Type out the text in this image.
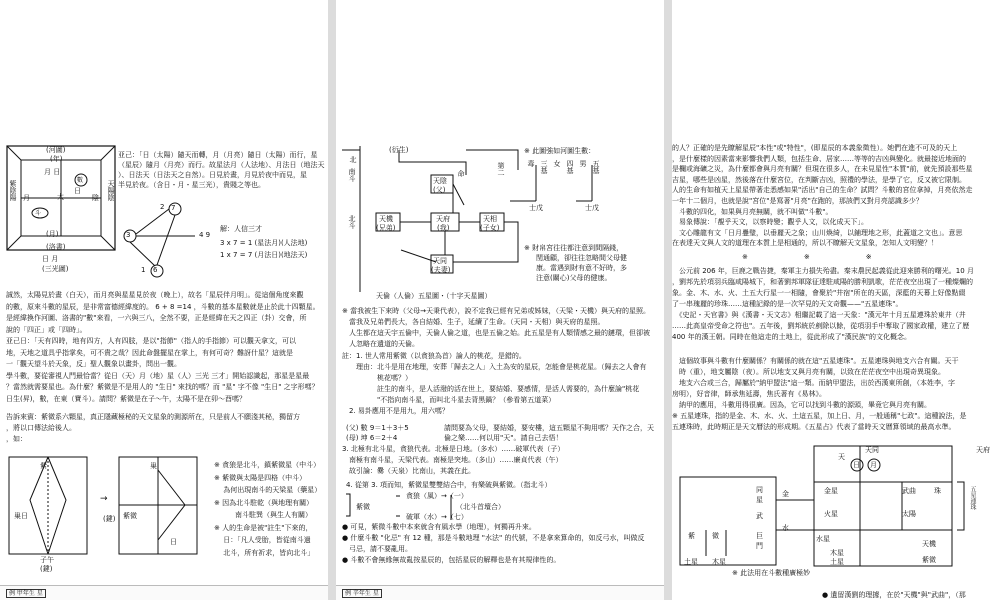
(河圖)
(年)
月 日
數
日
斗
太
紫陰陽
天陽陰
月	陰
(月)
(洛書)
日 月
(三光圖)
亚己：「日（太陽）隨天而轉，月（月亮）隨日（太陽）而行，星
（星辰）隨月（月亮）而行。故星法月（人法地）、月法日（地法天
）、日法天（日法天之自然）。日見於晝，月見於夜中而見，星
半見於夜。（含日・月・星三光），貴賤之等也。
7
2
3	4 9
6
1
解：人信三才
3 x 7 = 1 (星法月)(人法地)
1 x 7 = 7 (月法日)(地法天)
誠然，太陽見於晝（白天），而月亮與星星見於夜（晚上），故名「星辰伴月明」。從這個角度來觀
的數，原來斗數的星辰，是非常富德經緯度的。 6 + 8 =14 ，斗數的基本星數就是止於此十四顆星。
是經緯換作河圖、洛書的"數"來看，一六與三八，全然不要，正是經緯在天之四正（卦）交會，所
說的「四正」或「四時」。
亚己日：「天有四時，地有四方，人有四肢，是以"指節"（指人的手指節）可以觀天拿文，可以
地，天地之道具乎指掌矣，可不貴之哉？因此命盤擺星在掌上，有何可奇？難訝什星？這就是
一「觀天望斗於天象，反」聖人觀象以畫卦，問出一觀。
學斗數，要從審視人門最恰當？從日（天）月（地）星（人）三光 三才」開始認識起，那星是星最
？當然就需要星也。為什麼？紫微是不是用人的 "生日" 來找的嗎？而 "星" 字不像 "生日" 之字形嗎？
日生(昇)，數，在東（寶斗）。請問？紫微是在子～午，太陽不是在卯～酉嗎？
告訴來賓：紫微系六顆星，真正隱藏極秘的天文星象的測源所在，只是前人不願淺其秘，獨留方
，將以口傳法給後人。
，如：
紫
巢日
子午
(鍵)
→
(鍵)
巢
紫微
日
※ 貪狼是北斗，鎮紫微星（中斗）
※ 紫微與太陽是四格（中斗）
　 為何出現南斗的天梁星（藥星）
※ 因為北斗駐乾（與地理有關）
　　　南斗駐巽（與生人有關）
※ 人的生命是被"註生"下來的，
　 日：「凡人受胎，皆從南斗過
　 北斗，所有祈求，皆向北斗」
例 甲年生 星
(衍生)
北
南斗
北斗
天陰
(父)
天府
(我)
天機
(兄弟)
天相
(子女)
天同
(夫妻)
命
第二
天倫（人倫）五星圖・（十字天星圖）
※ 此圖強如河圖生數：
毒 三基 女 四基 男 五基
士戊	士戊
※ 財帛宮往往都注意到間隔錢，
閏通顧，卻往往忽略間父母健
康。當遇到財有意不好時，多
注意(關心)父母的健康。
※ 當我被生下來時（父母→天秉代表），說不定我已經有兄弟或姊妹，（天梁・天機）與天府的星照。
　當我及兄弟們長大，各自結婚、生子，延續了生命。（天同・天相）與天府的星照。
　人生都在這天宇五倫中，天倫人倫之道，也是五倫之始。此五星是有人類情感之最的鏈環，但卻被
　人忽略在遺道的天倫。
註：1. 世人常用紫微（以貪狼為首）論人的桃花，是錯的。
　　理由：北斗是用在地理，安葬「歸去之人」入土為安的星辰，怎能會是桃花星。（歸去之人會有
　　　　　桃花嗎？）
　　　　　註生的南斗，是人活潑的活在世上，要結婚、要感情，是活人需要的，為什麼論"桃花
　　　　　"不指向南斗星，而叫北斗星去背黑鍋？（參看第五道菜）
　2. 易卦應用不是用九，用六嗎？
(父) 數 9＝1＋3＋5
(母) 坤 6＝2＋4
請問要為父母，要結婚，要安樓，這五顆星不夠用嗎？天作之合，天
倫之樂……何以用"天"。請自己去悟！
3. 北極有北斗星，貪狼代表。北極是日地。（多水）……破軍代表（子）
　南極有南斗星，天梁代表。南極是突地。（多山）……廉貞代表（午）
　故引論：爨（天泉）比南山，其義在此。
4. 從第 3. 項而知，紫微星雙雙結合中，有樂破與紫微。（指北斗）
紫微
貪狼（風）→（一）
破軍（水）→（七）
（北斗首壇合）
● 可見，紫微斗數中本來就含有風水學（地理），何獨再升來。
● 什麼斗數 "化忌" 有 12 種，那是斗數地理 "水法" 的代號，不是拿來算命的，如反弓水，叫做反
　弓忌，請不要亂用。
● 斗數不會無緣無故亂按星辰的，包括星辰的解釋也是有其規律性的。
例 辛年生 星
的人？正確的是先瞭解星辰"本性"或"特性"，(即星辰的本義象徵性）。她們在進不可及的天上
，是什麼樣的因素當來影響我們人類，包括生命、居家……等等的吉凶與變化。就最接近地面的
是欄或海礦之災，為什麼都會與月亮有關？但現在很多人，在未見星性"本質"前，就先預設那些星
吉星，哪些是凶星，然後落在什麼宮位，在判斷吉凶，照禮的學法，是學了它，反又被它限制。
人的生命有如植天上星星帶著走悉感如果"活出"自己的生命？試問？斗數的宮位拿掉，月亮依然走
一年十二個月，也就是說"宮位"是寫著"月亮"在跑的，那該們又對月亮認識多少？
　斗數的四化，如果與月亮無關，就不叫做"斗數"。
　易象傳說：「覩乎天文，以察時變；觀乎人文，以化成天下」。
　文心雕龍有文「日月疊璧，以垂麗天之象；山川煥綺，以鋪理地之形，此蓋道之文也」。意思
在表達天文與人文的道理在本質上是相通的，所以不瞭解天文星象，怎知人文明變？！
※　　　　　　　　※　　　　　　　　※
　公元前 206 年，巨鹿之戰告捷，秦軍主力損失殆盡。秦末農民起義從此迎來勝利的曙光。10 月
，劉邦先於項羽兵臨咸陽城下，和著劉邦軍隊征達駐咸陽的勝利凱歌，茫茫夜空出現了一種燦爛的
象。金、木、水、火、土五大行星一一相隨，會聚於"井宿"所在的天區，深藍的天幕上好像點綴
了一串瑰麗的珍珠……這種記錄的是一次罕見的天文奇觀——"五星連珠"。
　《史記・天官書》與《漢書・天文志》相繼記載了這一天象："漢元年十月五星連珠於東井（井
……此高皇帝受命之符也"。五年後，劉邦統於剷除以餘，從項羽手中奪取了國家政權，建立了歷
400 年的漢王朝。同時在他這走的土地上，從此形成了"漢民族"的文化概念。
　這個故事與斗數有什麼關係？有關係的就在這"五星連珠"。五星連珠與地支六合有關。天干
　時（重），地支屬陰（夜）。所以地支又與月亮有關，以致在茫茫夜空中出現奇異現象。
　地支六合或三合，歸屬於"納甲盟法"這一類。而納甲盟法，出於西漢東所創，（本姓李，字
房明），好音律，師承焦延壽，焦氏著有《易林》。
　納甲的應用，斗數用得很廣。因為，它可以找到斗數的源頭，畢竟它與月亮有關。
※ 五星連珠，指的是金、木、水、火、土這五星，加上日、月，一般通稱"七政"。這種說法，是
五連珠時，此時期正是天文曆法的形成期。《五星占》代表了當時天文曆算領域的最高水準。
天同
天
日 月
金星
火星
木星
土星
武曲
太陽
天機
紫微
水星
珠	五星連珠
天府
同
星
武
巨
門
金
水
紫 微
土星 木星
※ 此法用在斗數種廣極妙
● 遺留漢劉的理據，在於"天機"與"武曲"，（那
